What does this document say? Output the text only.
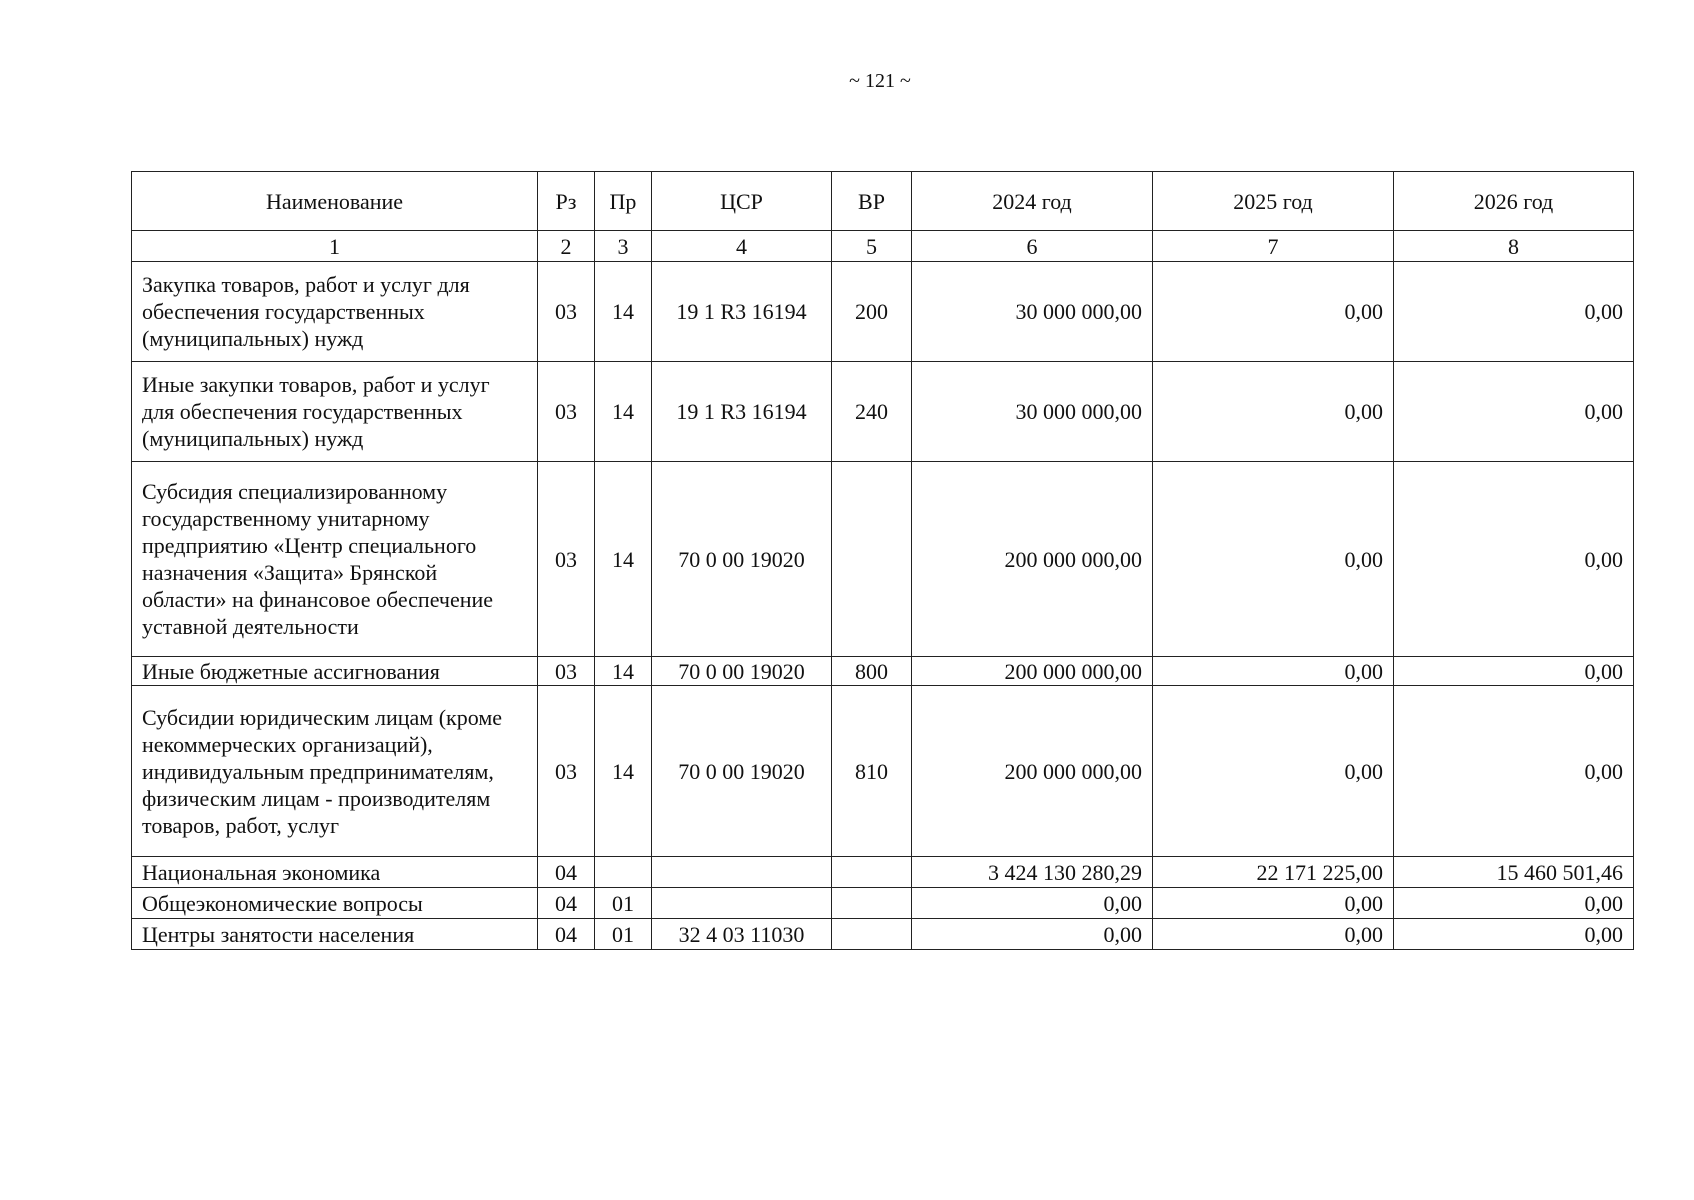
~ 121 ~
Наименование	Рз	Пр	ЦСР	ВР	2024 год	2025 год	2026 год
1	2	3	4	5	6	7	8
Закупка товаров, работ и услуг для обеспечения государственных (муниципальных) нужд	03	14	19 1 R3 16194	200	30 000 000,00	0,00	0,00
Иные закупки товаров, работ и услуг для обеспечения государственных (муниципальных) нужд	03	14	19 1 R3 16194	240	30 000 000,00	0,00	0,00
Субсидия специализированному государственному унитарному предприятию «Центр специального назначения «Защита» Брянской области» на финансовое обеспечение уставной деятельности	03	14	70 0 00 19020		200 000 000,00	0,00	0,00
Иные бюджетные ассигнования	03	14	70 0 00 19020	800	200 000 000,00	0,00	0,00
Субсидии юридическим лицам (кроме некоммерческих организаций), индивидуальным предпринимателям, физическим лицам - производителям товаров, работ, услуг	03	14	70 0 00 19020	810	200 000 000,00	0,00	0,00
Национальная экономика	04				3 424 130 280,29	22 171 225,00	15 460 501,46
Общеэкономические вопросы	04	01			0,00	0,00	0,00
Центры занятости населения	04	01	32 4 03 11030		0,00	0,00	0,00
